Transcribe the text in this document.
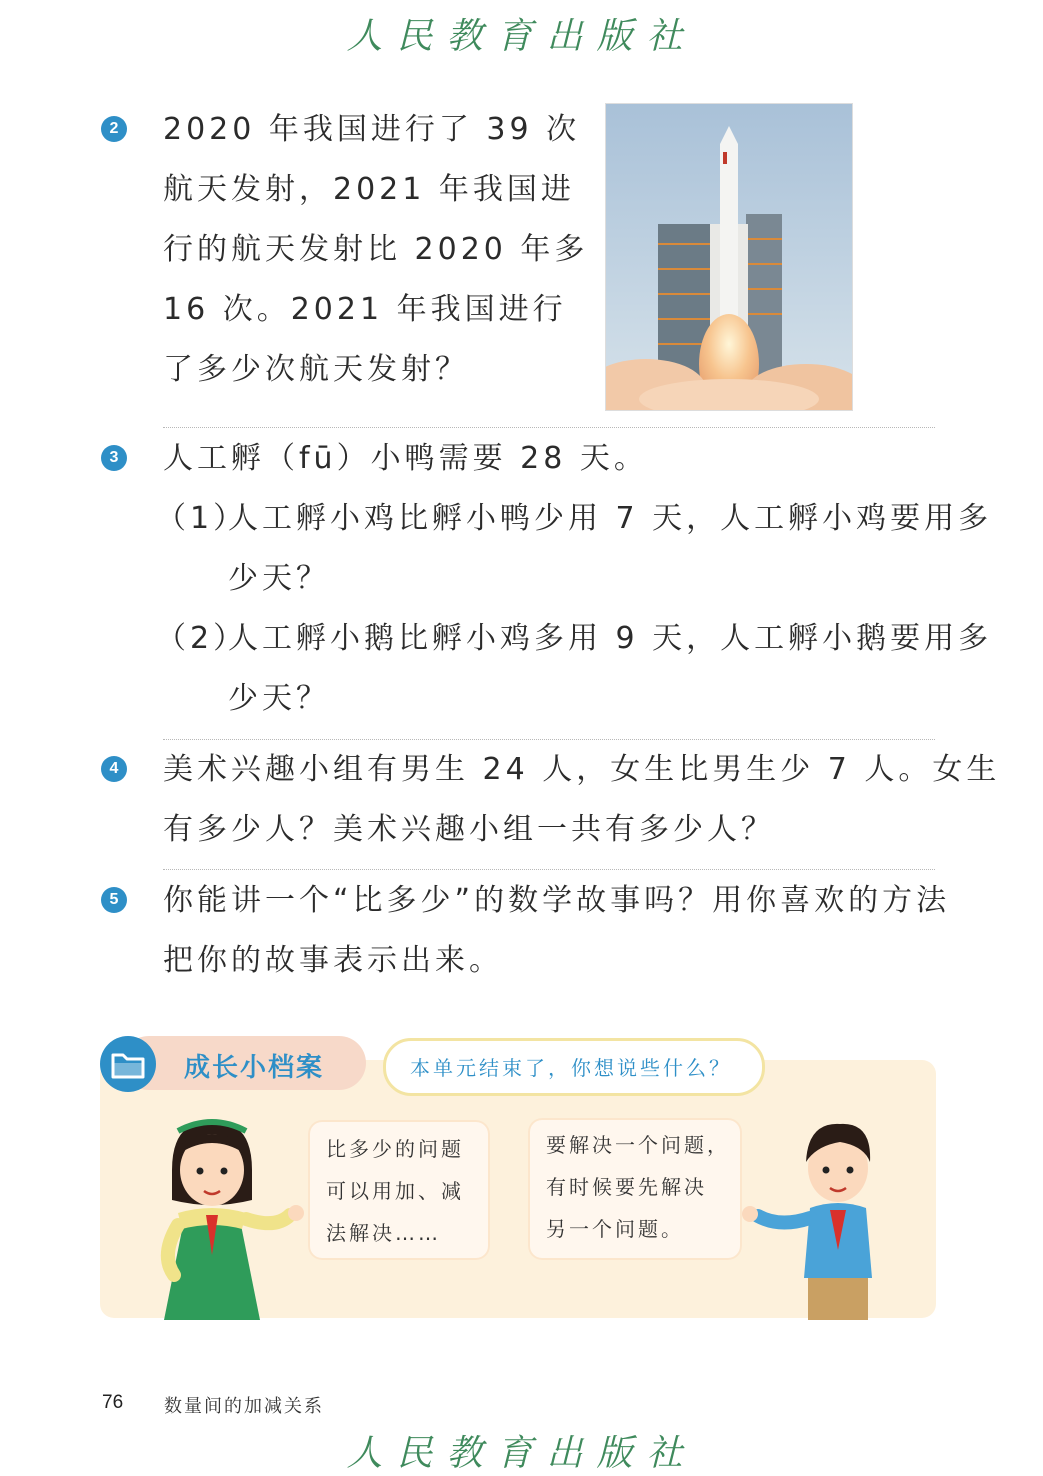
人民教育出版社
2 2020 年我国进行了 39 次
航天发射，2021 年我国进
行的航天发射比 2020 年多
16 次。2021 年我国进行
了多少次航天发射？
3 人工孵（fū）小鸭需要 28 天。
（1）
人工孵小鸡比孵小鸭少用 7 天，人工孵小鸡要用多
少天？
（2）
人工孵小鹅比孵小鸡多用 9 天，人工孵小鹅要用多
少天？
4 美术兴趣小组有男生 24 人，女生比男生少 7 人。女生
有多少人？美术兴趣小组一共有多少人？
5 你能讲一个“比多少”的数学故事吗？用你喜欢的方法
把你的故事表示出来。
成长小档案	本单元结束了，你想说些什么？
比多少的问题
可以用加、减
法解决……
要解决一个问题，
有时候要先解决
另一个问题。
76 数量间的加减关系
人民教育出版社
